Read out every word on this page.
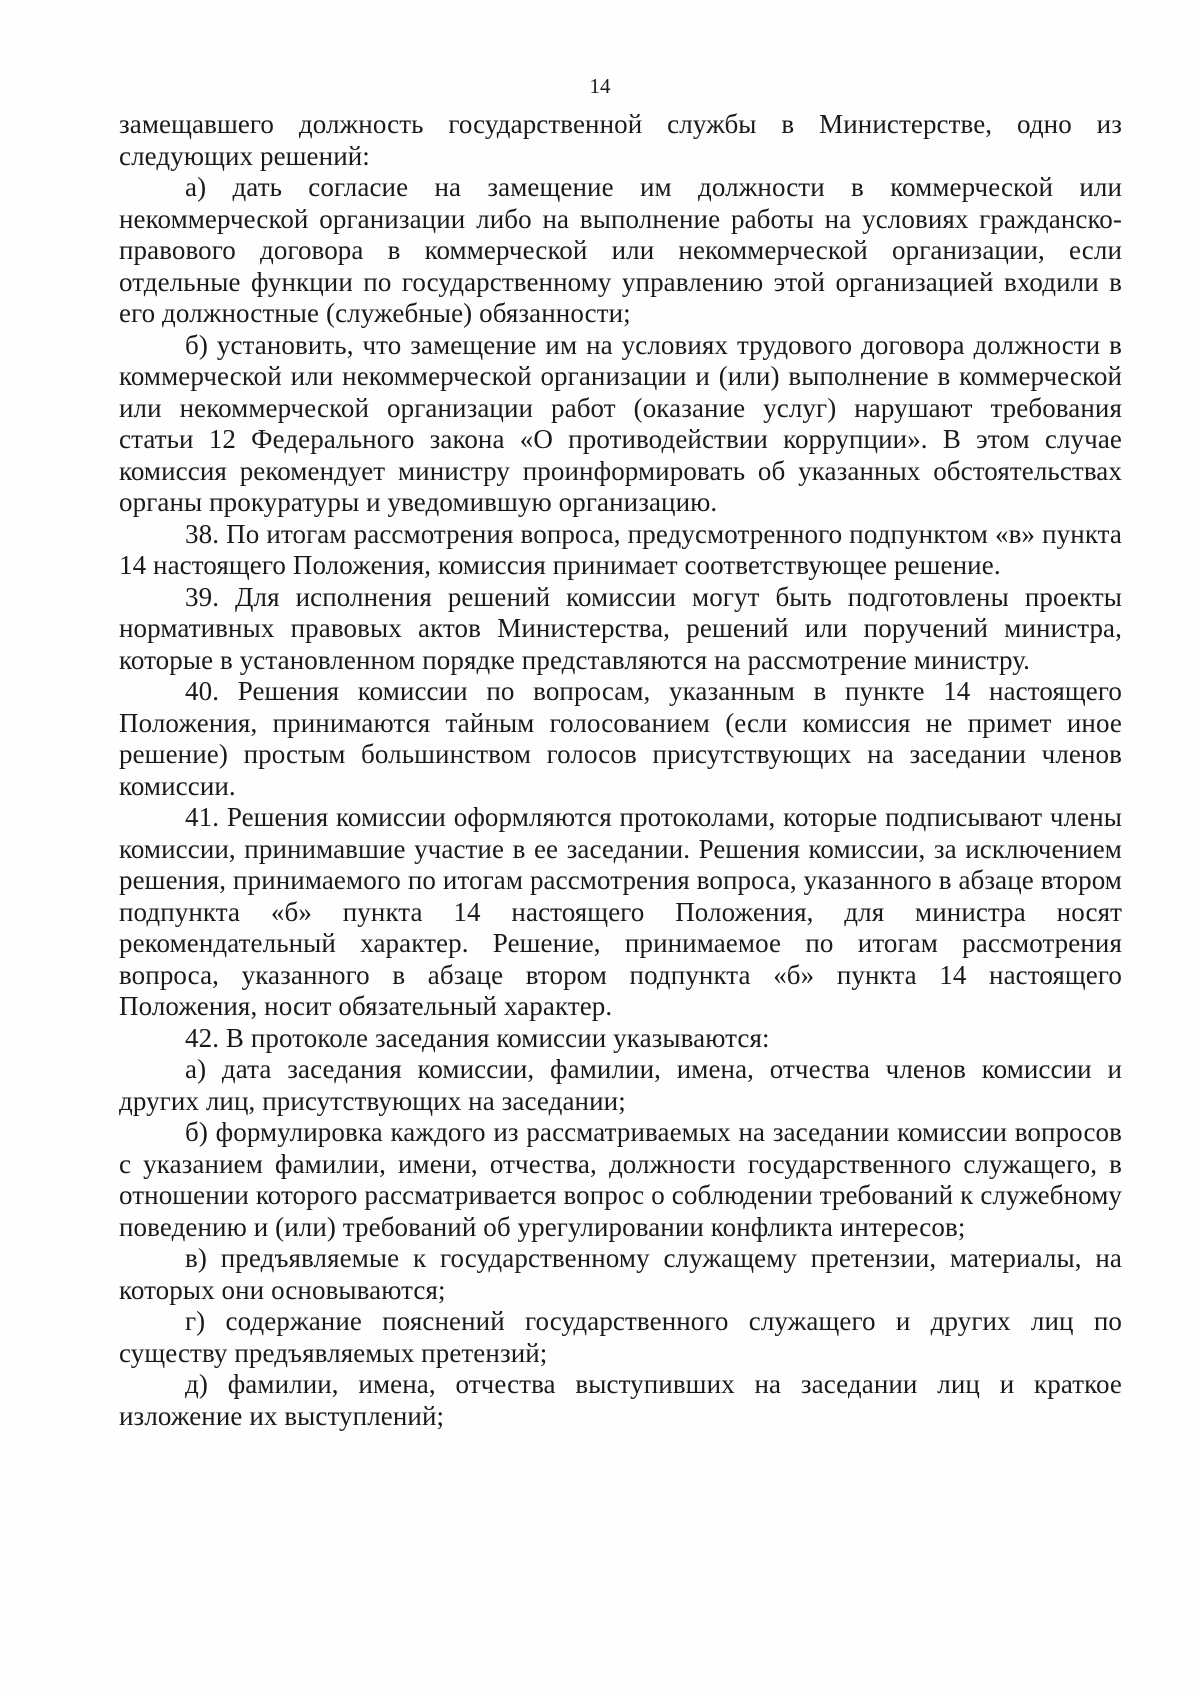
14

замещавшего должность государственной службы в Министерстве, одно из следующих решений:

а) дать согласие на замещение им должности в коммерческой или некоммерческой организации либо на выполнение работы на условиях гражданско-правового договора в коммерческой или некоммерческой организации, если отдельные функции по государственному управлению этой организацией входили в его должностные (служебные) обязанности;

б) установить, что замещение им на условиях трудового договора должности в коммерческой или некоммерческой организации и (или) выполнение в коммерческой или некоммерческой организации работ (оказание услуг) нарушают требования статьи 12 Федерального закона «О противодействии коррупции». В этом случае комиссия рекомендует министру проинформировать об указанных обстоятельствах органы прокуратуры и уведомившую организацию.

38. По итогам рассмотрения вопроса, предусмотренного подпунктом «в» пункта 14 настоящего Положения, комиссия принимает соответствующее решение.

39. Для исполнения решений комиссии могут быть подготовлены проекты нормативных правовых актов Министерства, решений или поручений министра, которые в установленном порядке представляются на рассмотрение министру.

40. Решения комиссии по вопросам, указанным в пункте 14 настоящего Положения, принимаются тайным голосованием (если комиссия не примет иное решение) простым большинством голосов присутствующих на заседании членов комиссии.

41. Решения комиссии оформляются протоколами, которые подписывают члены комиссии, принимавшие участие в ее заседании. Решения комиссии, за исключением решения, принимаемого по итогам рассмотрения вопроса, указанного в абзаце втором подпункта «б» пункта 14 настоящего Положения, для министра носят рекомендательный характер. Решение, принимаемое по итогам рассмотрения вопроса, указанного в абзаце втором подпункта «б» пункта 14 настоящего Положения, носит обязательный характер.

42. В протоколе заседания комиссии указываются:

а) дата заседания комиссии, фамилии, имена, отчества членов комиссии и других лиц, присутствующих на заседании;

б) формулировка каждого из рассматриваемых на заседании комиссии вопросов с указанием фамилии, имени, отчества, должности государственного служащего, в отношении которого рассматривается вопрос о соблюдении требований к служебному поведению и (или) требований об урегулировании конфликта интересов;

в) предъявляемые к государственному служащему претензии, материалы, на которых они основываются;

г) содержание пояснений государственного служащего и других лиц по существу предъявляемых претензий;

д) фамилии, имена, отчества выступивших на заседании лиц и краткое изложение их выступлений;
